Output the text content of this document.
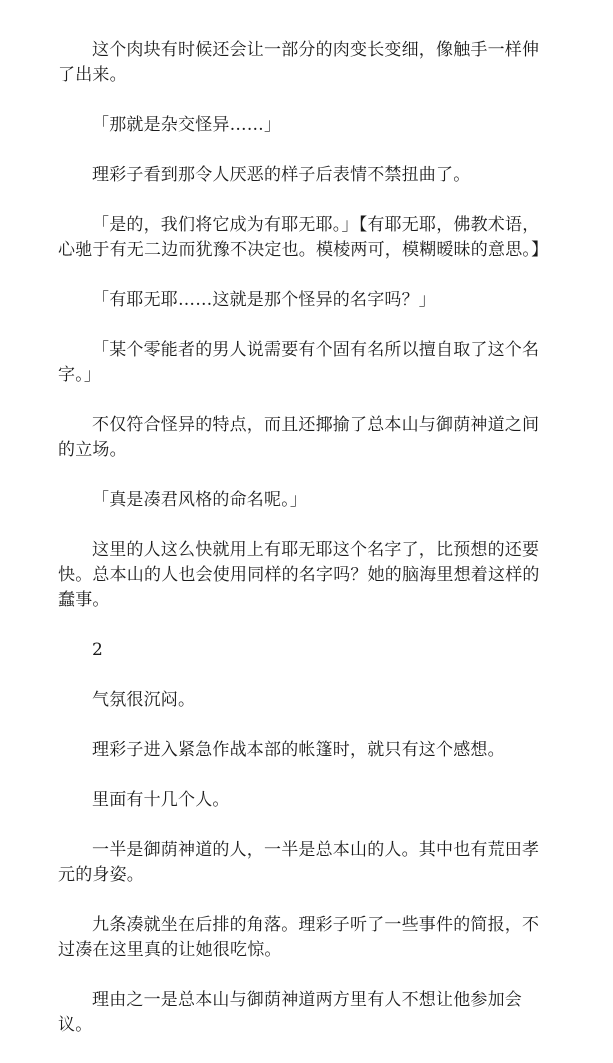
这个肉块有时候还会让一部分的肉变长变细，像触手一样伸了出来。

「那就是杂交怪异……」

理彩子看到那令人厌恶的样子后表情不禁扭曲了。

「是的，我们将它成为有耶无耶。」【有耶无耶，佛教术语，心驰于有无二边而犹豫不决定也。模棱两可，模糊暧昧的意思。】

「有耶无耶……这就是那个怪异的名字吗？」

「某个零能者的男人说需要有个固有名所以擅自取了这个名字。」

不仅符合怪异的特点，而且还揶揄了总本山与御荫神道之间的立场。

「真是凑君风格的命名呢。」

这里的人这么快就用上有耶无耶这个名字了，比预想的还要快。总本山的人也会使用同样的名字吗？她的脑海里想着这样的蠢事。

2

气氛很沉闷。

理彩子进入紧急作战本部的帐篷时，就只有这个感想。

里面有十几个人。

一半是御荫神道的人，一半是总本山的人。其中也有荒田孝元的身姿。

九条凑就坐在后排的角落。理彩子听了一些事件的简报，不过凑在这里真的让她很吃惊。

理由之一是总本山与御荫神道两方里有人不想让他参加会议。
